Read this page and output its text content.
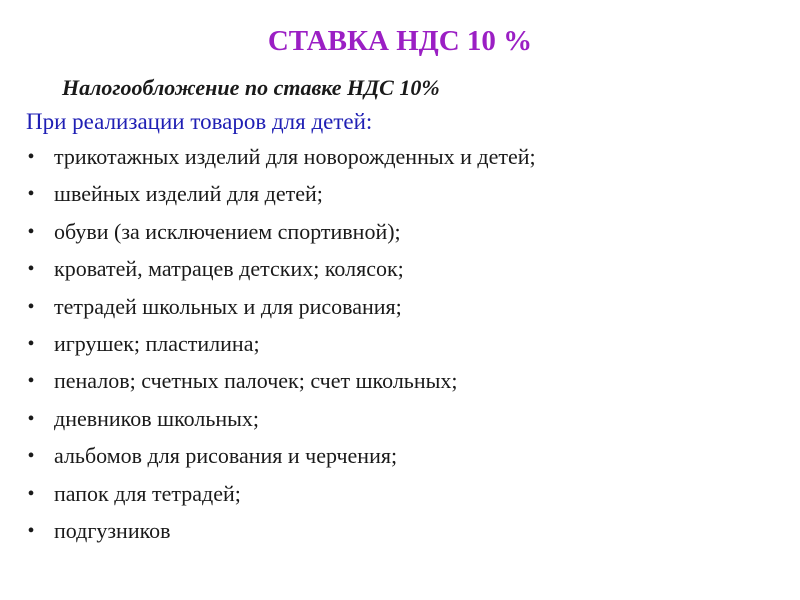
СТАВКА НДС 10 %

Налогообложение по ставке НДС 10%

При реализации товаров для детей:

• трикотажных изделий для новорожденных и детей;
• швейных изделий для детей;
• обуви (за исключением спортивной);
• кроватей, матрацев детских; колясок;
• тетрадей школьных и для рисования;
• игрушек; пластилина;
• пеналов; счетных палочек; счет школьных;
• дневников школьных;
• альбомов для рисования и черчения;
• папок для тетрадей;
• подгузников
